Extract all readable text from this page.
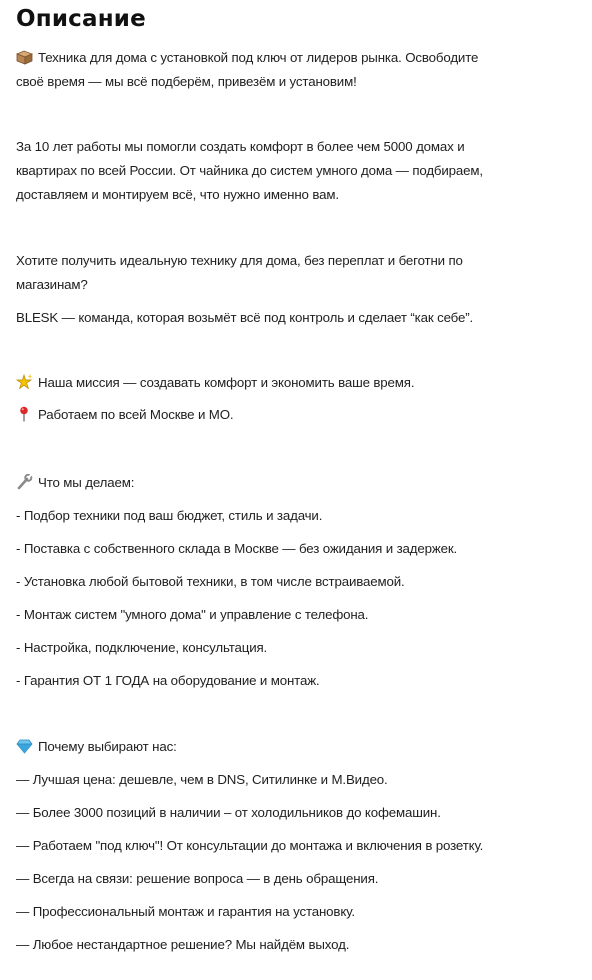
Описание
Техника для дома с установкой под ключ от лидеров рынка. Освободите
своё время — мы всё подберём, привезём и установим!
За 10 лет работы мы помогли создать комфорт в более чем 5000 домах и
квартирах по всей России. От чайника до систем умного дома — подбираем,
доставляем и монтируем всё, что нужно именно вам.
Хотите получить идеальную технику для дома, без переплат и беготни по
магазинам?
BLESK — команда, которая возьмёт всё под контроль и сделает “как себе”.
Наша миссия — создавать комфорт и экономить ваше время.
Работаем по всей Москве и МО.
Что мы делаем:
- Подбор техники под ваш бюджет, стиль и задачи.
- Поставка с собственного склада в Москве — без ожидания и задержек.
- Установка любой бытовой техники, в том числе встраиваемой.
- Монтаж систем "умного дома" и управление с телефона.
- Настройка, подключение, консультация.
- Гарантия ОТ 1 ГОДА на оборудование и монтаж.
Почему выбирают нас:
— Лучшая цена: дешевле, чем в DNS, Ситилинке и М.Видео.
— Более 3000 позиций в наличии – от холодильников до кофемашин.
— Работаем "под ключ"! От консультации до монтажа и включения в розетку.
— Всегда на связи: решение вопроса — в день обращения.
— Профессиональный монтаж и гарантия на установку.
— Любое нестандартное решение? Мы найдём выход.
